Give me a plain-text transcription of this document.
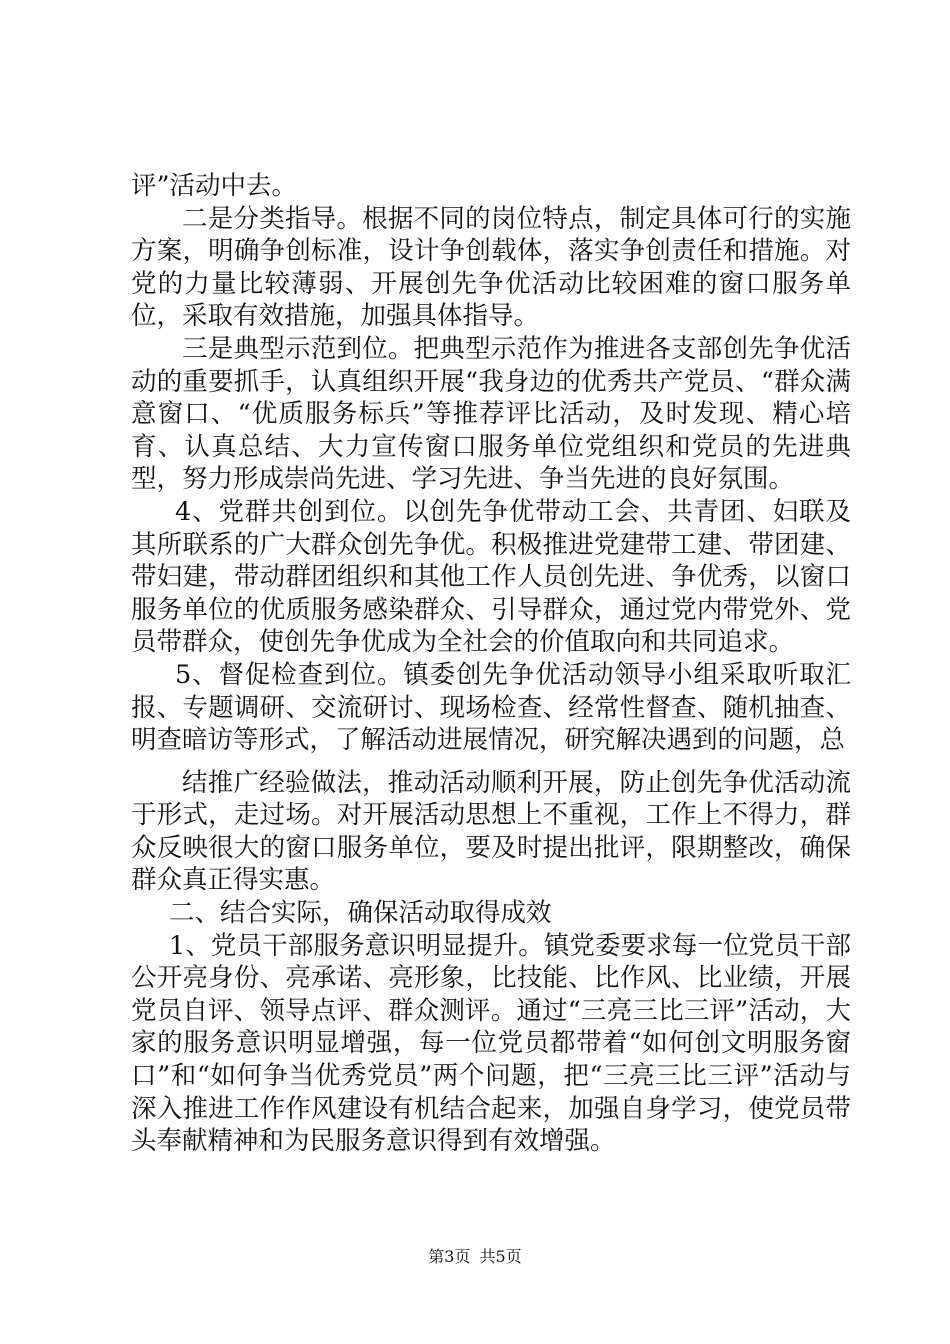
评”活动中去。

二是分类指导。根据不同的岗位特点，制定具体可行的实施方案，明确争创标准，设计争创载体，落实争创责任和措施。对党的力量比较薄弱、开展创先争优活动比较困难的窗口服务单位，采取有效措施，加强具体指导。

三是典型示范到位。把典型示范作为推进各支部创先争优活动的重要抓手，认真组织开展“我身边的优秀共产党员、“群众满意窗口、“优质服务标兵”等推荐评比活动，及时发现、精心培育、认真总结、大力宣传窗口服务单位党组织和党员的先进典型，努力形成崇尚先进、学习先进、争当先进的良好氛围。

4、党群共创到位。以创先争优带动工会、共青团、妇联及其所联系的广大群众创先争优。积极推进党建带工建、带团建、带妇建，带动群团组织和其他工作人员创先进、争优秀，以窗口服务单位的优质服务感染群众、引导群众，通过党内带党外、党员带群众，使创先争优成为全社会的价值取向和共同追求。

5、督促检查到位。镇委创先争优活动领导小组采取听取汇报、专题调研、交流研讨、现场检查、经常性督查、随机抽查、明查暗访等形式，了解活动进展情况，研究解决遇到的问题，总

结推广经验做法，推动活动顺利开展，防止创先争优活动流于形式，走过场。对开展活动思想上不重视，工作上不得力，群众反映很大的窗口服务单位，要及时提出批评，限期整改，确保群众真正得实惠。

二、结合实际，确保活动取得成效

1、党员干部服务意识明显提升。镇党委要求每一位党员干部公开亮身份、亮承诺、亮形象，比技能、比作风、比业绩，开展党员自评、领导点评、群众测评。通过“三亮三比三评”活动，大家的服务意识明显增强，每一位党员都带着“如何创文明服务窗口”和“如何争当优秀党员”两个问题，把“三亮三比三评”活动与深入推进工作作风建设有机结合起来，加强自身学习，使党员带头奉献精神和为民服务意识得到有效增强。

第3页 共5页
